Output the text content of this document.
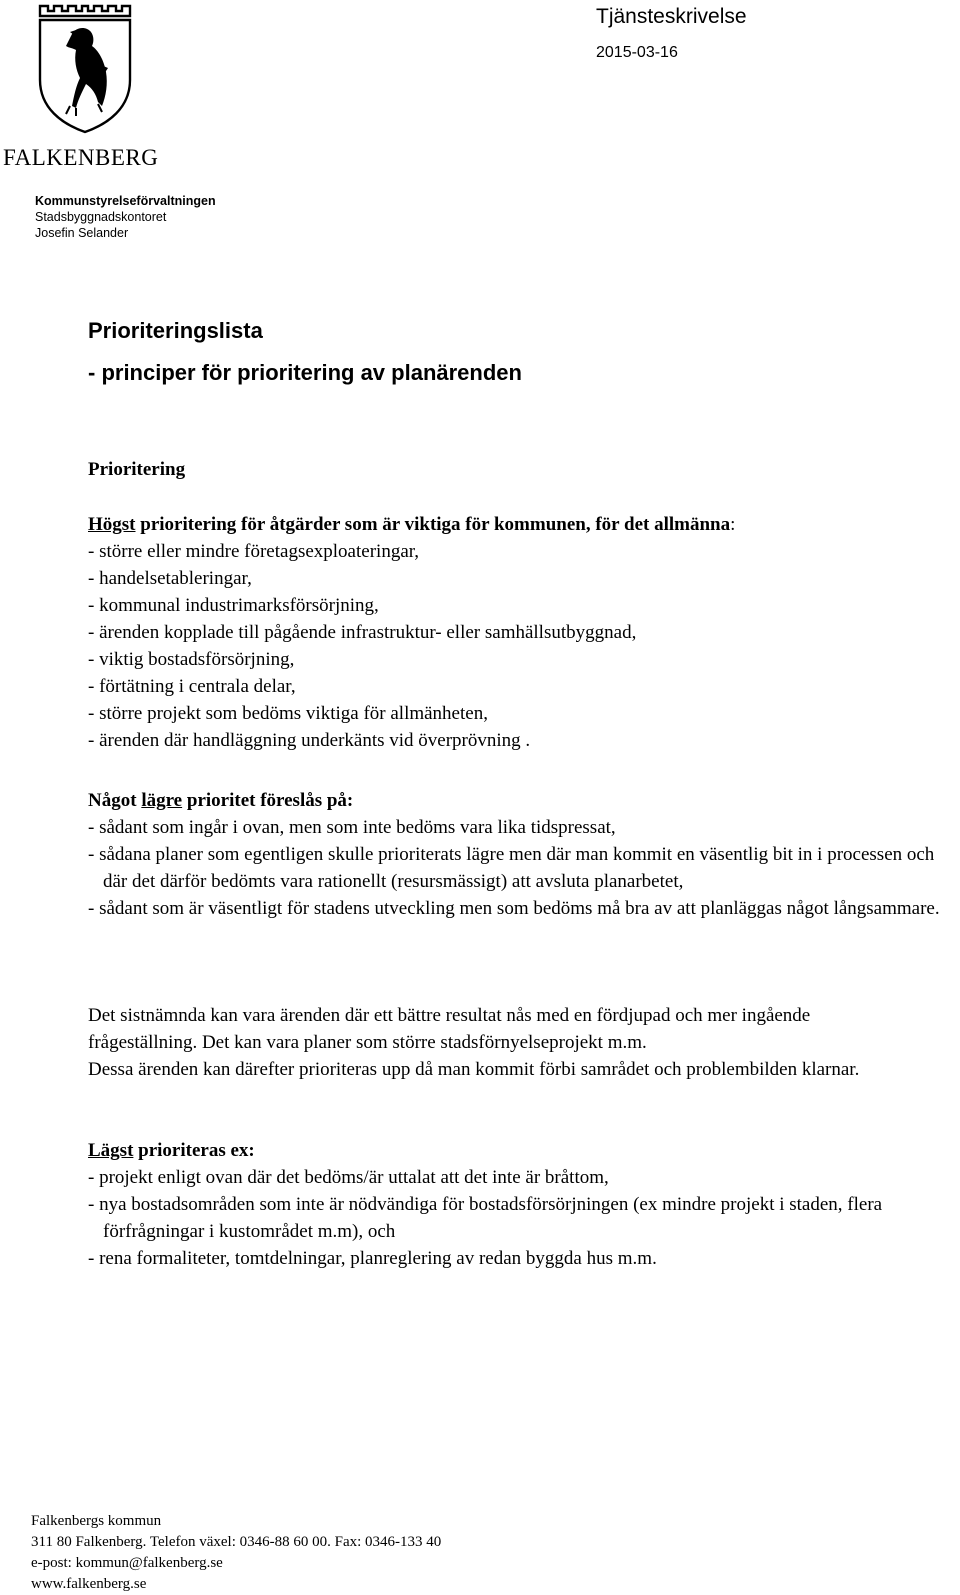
FALKENBERG
Kommunstyrelseförvaltningen
Stadsbyggnadskontoret
Josefin Selander
Tjänsteskrivelse
2015-03-16
Prioriteringslista
- principer för prioritering av planärenden
Prioritering

Högst prioritering för åtgärder som är viktiga för kommunen, för det allmänna:

- större eller mindre företagsexploateringar,
- handelsetableringar,
- kommunal industrimarksförsörjning,
- ärenden kopplade till pågående infrastruktur- eller samhällsutbyggnad,
- viktig bostadsförsörjning,
- förtätning i centrala delar,
- större projekt som bedöms viktiga för allmänheten,
- ärenden där handläggning underkänts vid överprövning .

Något lägre prioritet föreslås på:

- sådant som ingår i ovan, men som inte bedöms vara lika tidspressat,
- sådana planer som egentligen skulle prioriterats lägre men där man kommit en väsentlig bit in i processen och där det därför bedömts vara rationellt (resursmässigt) att avsluta planarbetet,
- sådant som är väsentligt för stadens utveckling men som bedöms må bra av att planläggas något långsammare.

Det sistnämnda kan vara ärenden där ett bättre resultat nås med en fördjupad och mer ingående frågeställning. Det kan vara planer som större stadsförnyelseprojekt m.m.

Dessa ärenden kan därefter prioriteras upp då man kommit förbi samrådet och problembilden klarnar.

Lägst prioriteras ex:

- projekt enligt ovan där det bedöms/är uttalat att det inte är bråttom,
- nya bostadsområden som inte är nödvändiga för bostadsförsörjningen (ex mindre projekt i staden, flera förfrågningar i kustområdet m.m), och
- rena formaliteter, tomtdelningar, planreglering av redan byggda hus m.m.

Falkenbergs kommun

311 80 Falkenberg. Telefon växel: 0346-88 60 00. Fax: 0346-133 40

e-post: kommun@falkenberg.se

www.falkenberg.se
